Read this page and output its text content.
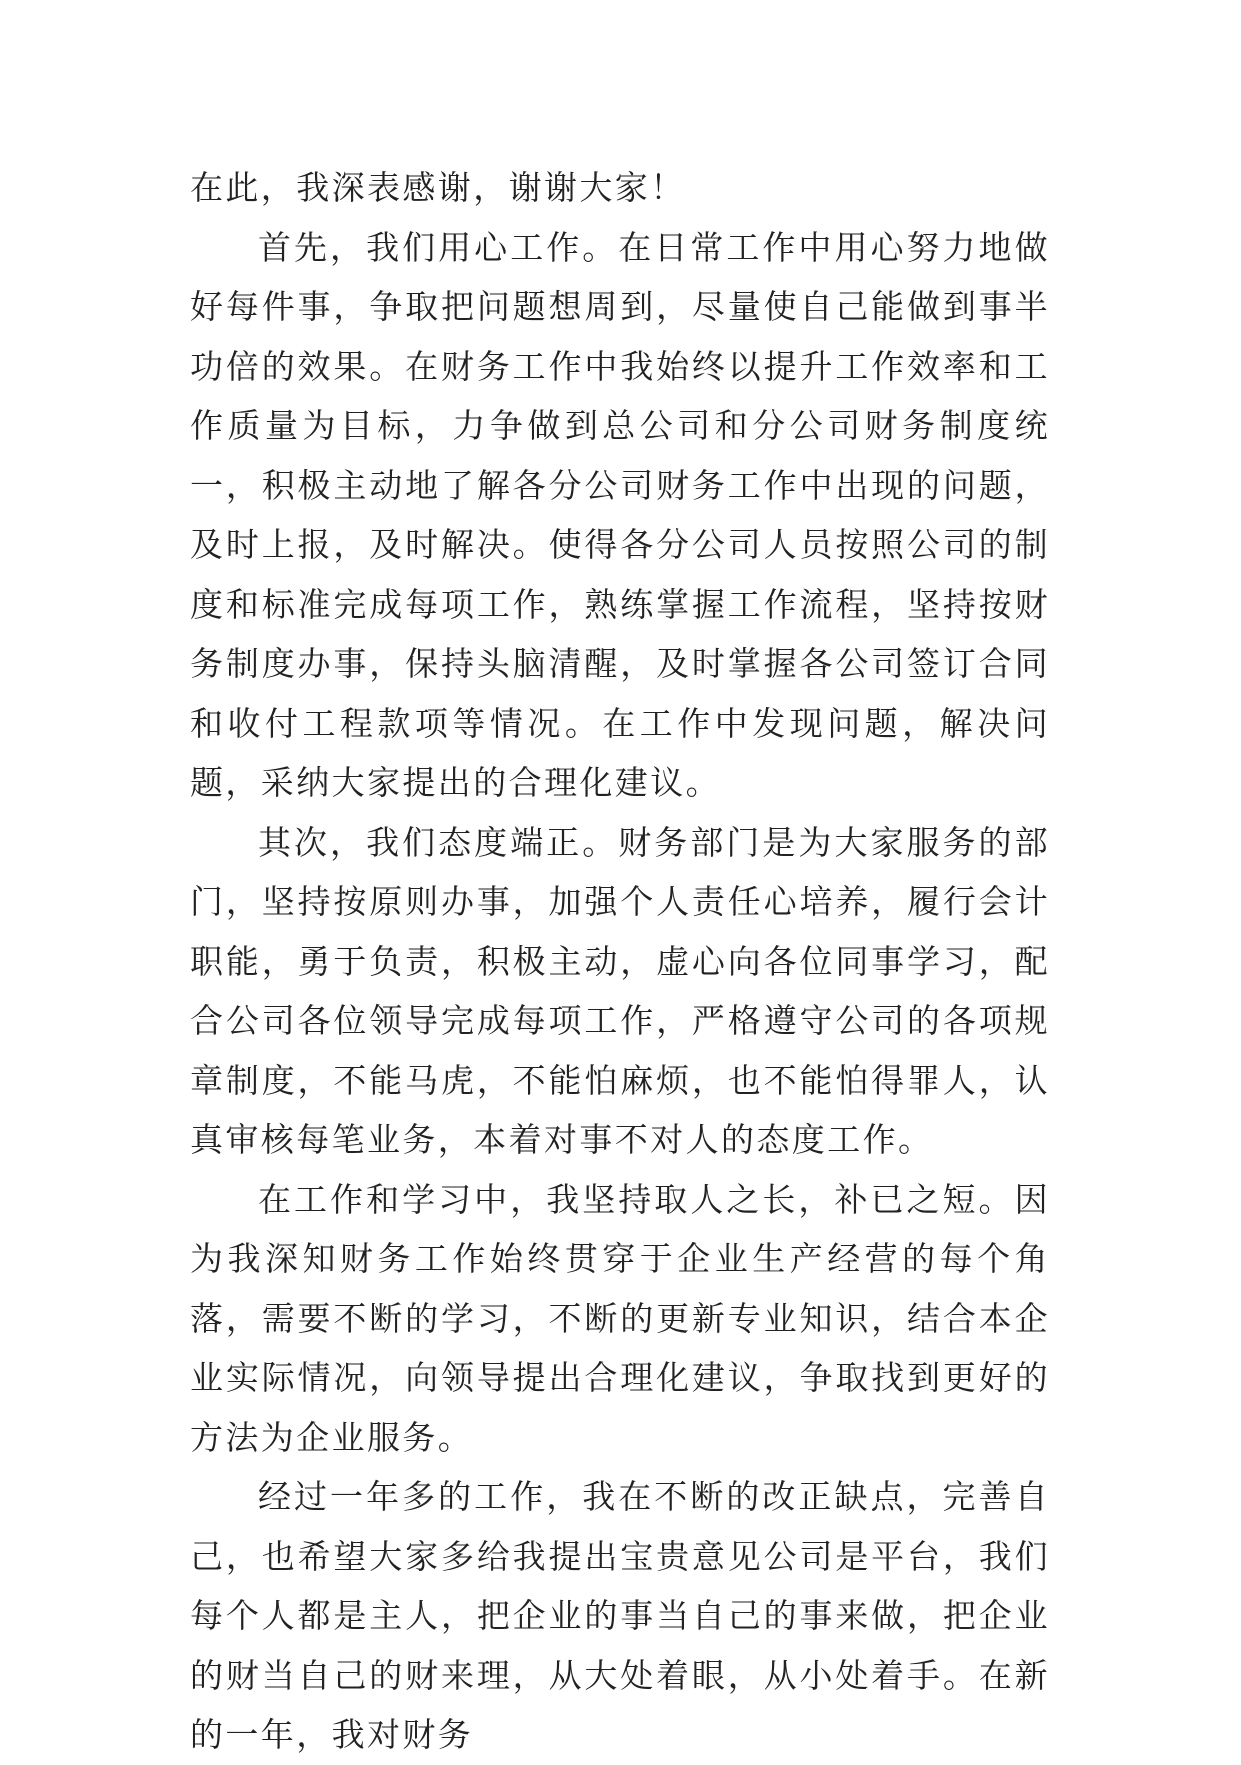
在此，我深表感谢，谢谢大家！

首先，我们用心工作。在日常工作中用心努力地做好每件事，争取把问题想周到，尽量使自己能做到事半功倍的效果。在财务工作中我始终以提升工作效率和工作质量为目标，力争做到总公司和分公司财务制度统一，积极主动地了解各分公司财务工作中出现的问题，及时上报，及时解决。使得各分公司人员按照公司的制度和标准完成每项工作，熟练掌握工作流程，坚持按财务制度办事，保持头脑清醒，及时掌握各公司签订合同和收付工程款项等情况。在工作中发现问题，解决问题，采纳大家提出的合理化建议。

其次，我们态度端正。财务部门是为大家服务的部门，坚持按原则办事，加强个人责任心培养，履行会计职能，勇于负责，积极主动，虚心向各位同事学习，配合公司各位领导完成每项工作，严格遵守公司的各项规章制度，不能马虎，不能怕麻烦，也不能怕得罪人，认真审核每笔业务，本着对事不对人的态度工作。

在工作和学习中，我坚持取人之长，补已之短。因为我深知财务工作始终贯穿于企业生产经营的每个角落，需要不断的学习，不断的更新专业知识，结合本企业实际情况，向领导提出合理化建议，争取找到更好的方法为企业服务。

经过一年多的工作，我在不断的改正缺点，完善自己，也希望大家多给我提出宝贵意见公司是平台，我们每个人都是主人，把企业的事当自己的事来做，把企业的财当自己的财来理，从大处着眼，从小处着手。在新的一年，我对财务
